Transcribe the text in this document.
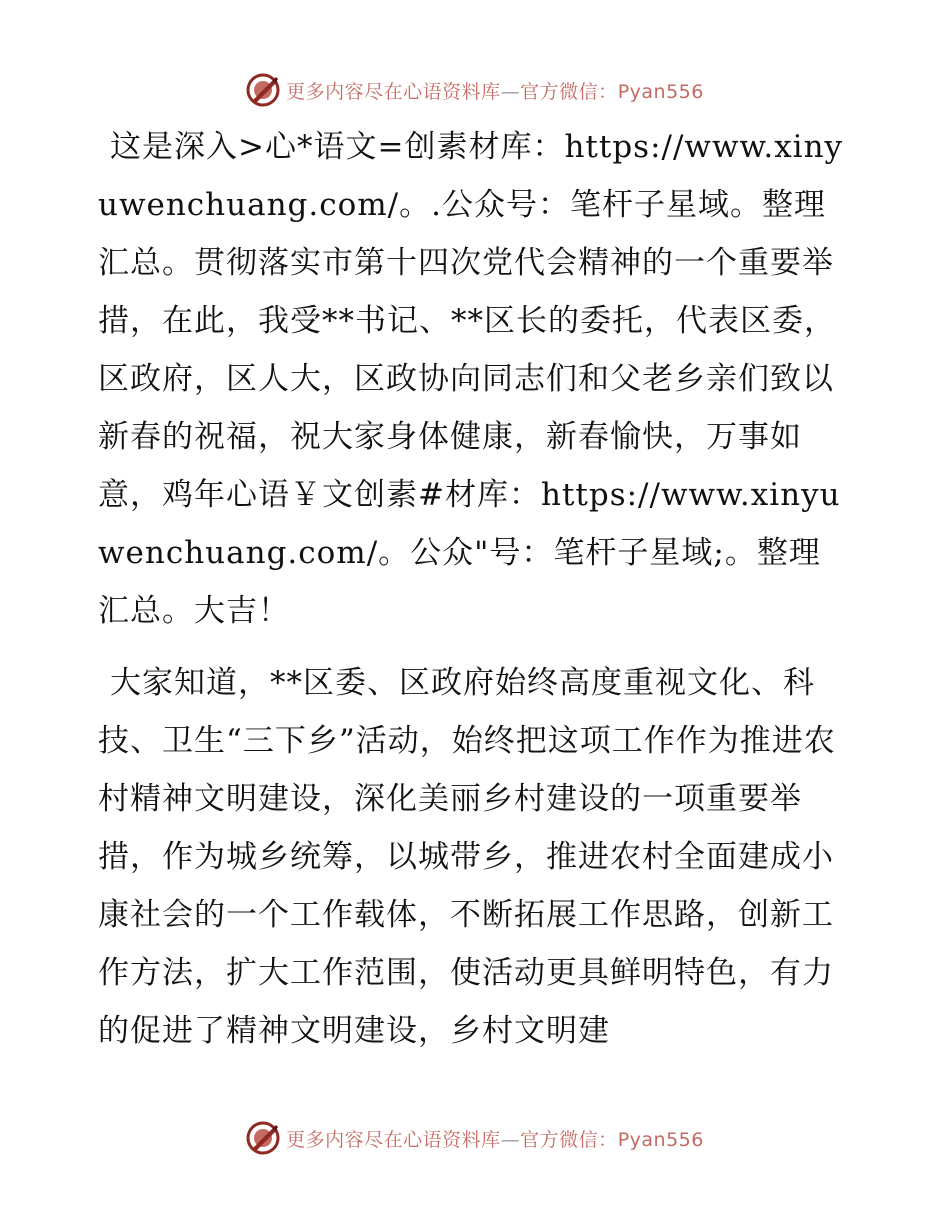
更多内容尽在心语资料库—官方微信：Pyan556

这是深入>心*语文=创素材库：https://www.xinyuwenchuang.com/。.公众号：笔杆子星域。整理汇总。贯彻落实市第十四次党代会精神的一个重要举措，在此，我受**书记、**区长的委托，代表区委，区政府，区人大，区政协向同志们和父老乡亲们致以新春的祝福，祝大家身体健康，新春愉快，万事如意，鸡年心语￥文创素#材库：https://www.xinyuwenchuang.com/。公众"号：笔杆子星域;。整理汇总。大吉！

大家知道，**区委、区政府始终高度重视文化、科技、卫生“三下乡”活动，始终把这项工作作为推进农村精神文明建设，深化美丽乡村建设的一项重要举措，作为城乡统筹，以城带乡，推进农村全面建成小康社会的一个工作载体，不断拓展工作思路，创新工作方法，扩大工作范围，使活动更具鲜明特色，有力的促进了精神文明建设，乡村文明建

更多内容尽在心语资料库—官方微信：Pyan556
